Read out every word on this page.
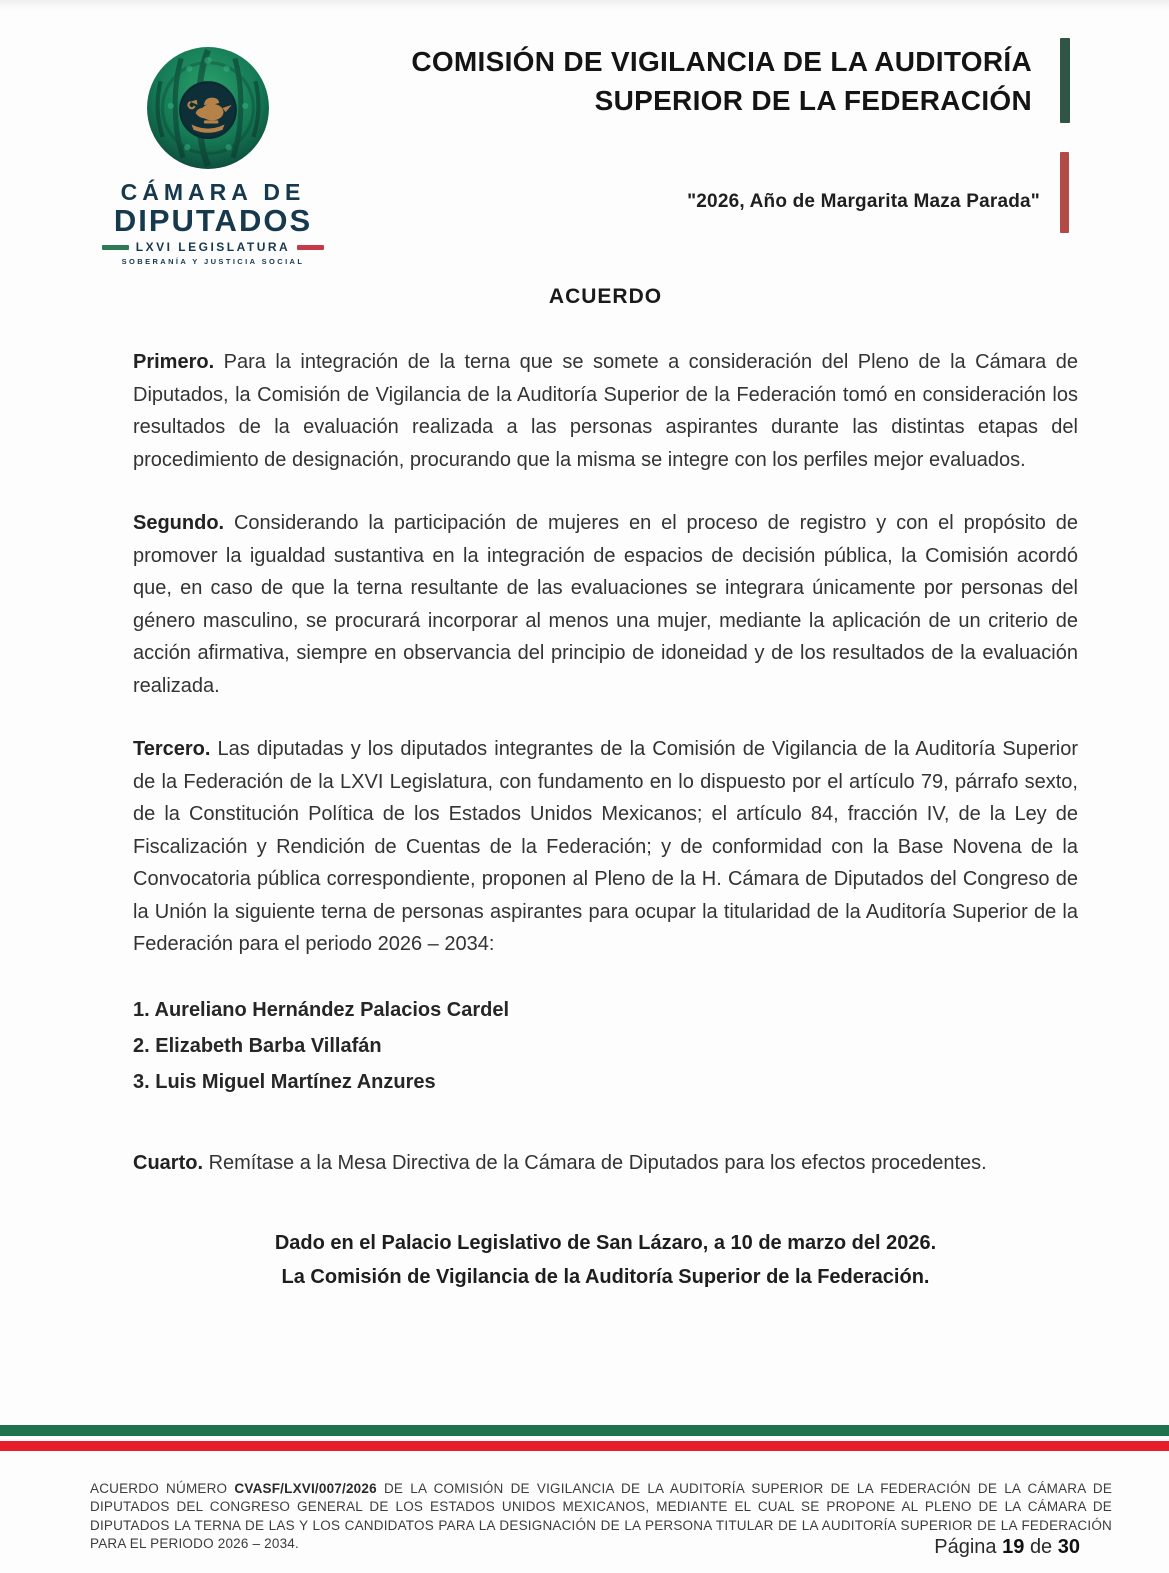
CÁMARA DE
DIPUTADOS
LXVI LEGISLATURA
SOBERANÍA Y JUSTICIA SOCIAL
COMISIÓN DE VIGILANCIA DE LA AUDITORÍA
SUPERIOR DE LA FEDERACIÓN
"2026, Año de Margarita Maza Parada"
ACUERDO

Primero. Para la integración de la terna que se somete a consideración del Pleno de la Cámara de Diputados, la Comisión de Vigilancia de la Auditoría Superior de la Federación tomó en consideración los resultados de la evaluación realizada a las personas aspirantes durante las distintas etapas del procedimiento de designación, procurando que la misma se integre con los perfiles mejor evaluados.

Segundo. Considerando la participación de mujeres en el proceso de registro y con el propósito de promover la igualdad sustantiva en la integración de espacios de decisión pública, la Comisión acordó que, en caso de que la terna resultante de las evaluaciones se integrara únicamente por personas del género masculino, se procurará incorporar al menos una mujer, mediante la aplicación de un criterio de acción afirmativa, siempre en observancia del principio de idoneidad y de los resultados de la evaluación realizada.

Tercero. Las diputadas y los diputados integrantes de la Comisión de Vigilancia de la Auditoría Superior de la Federación de la LXVI Legislatura, con fundamento en lo dispuesto por el artículo 79, párrafo sexto, de la Constitución Política de los Estados Unidos Mexicanos; el artículo 84, fracción IV, de la Ley de Fiscalización y Rendición de Cuentas de la Federación; y de conformidad con la Base Novena de la Convocatoria pública correspondiente, proponen al Pleno de la H. Cámara de Diputados del Congreso de la Unión la siguiente terna de personas aspirantes para ocupar la titularidad de la Auditoría Superior de la Federación para el periodo 2026 – 2034:

1. Aureliano Hernández Palacios Cardel
2. Elizabeth Barba Villafán
3. Luis Miguel Martínez Anzures

Cuarto. Remítase a la Mesa Directiva de la Cámara de Diputados para los efectos procedentes.

Dado en el Palacio Legislativo de San Lázaro, a 10 de marzo del 2026.
La Comisión de Vigilancia de la Auditoría Superior de la Federación.

ACUERDO NÚMERO CVASF/LXVI/007/2026 DE LA COMISIÓN DE VIGILANCIA DE LA AUDITORÍA SUPERIOR DE LA FEDERACIÓN DE LA CÁMARA DE DIPUTADOS DEL CONGRESO GENERAL DE LOS ESTADOS UNIDOS MEXICANOS, MEDIANTE EL CUAL SE PROPONE AL PLENO DE LA CÁMARA DE DIPUTADOS LA TERNA DE LAS Y LOS CANDIDATOS PARA LA DESIGNACIÓN DE LA PERSONA TITULAR DE LA AUDITORÍA SUPERIOR DE LA FEDERACIÓN PARA EL PERIODO 2026 – 2034.	Página 19 de 30
